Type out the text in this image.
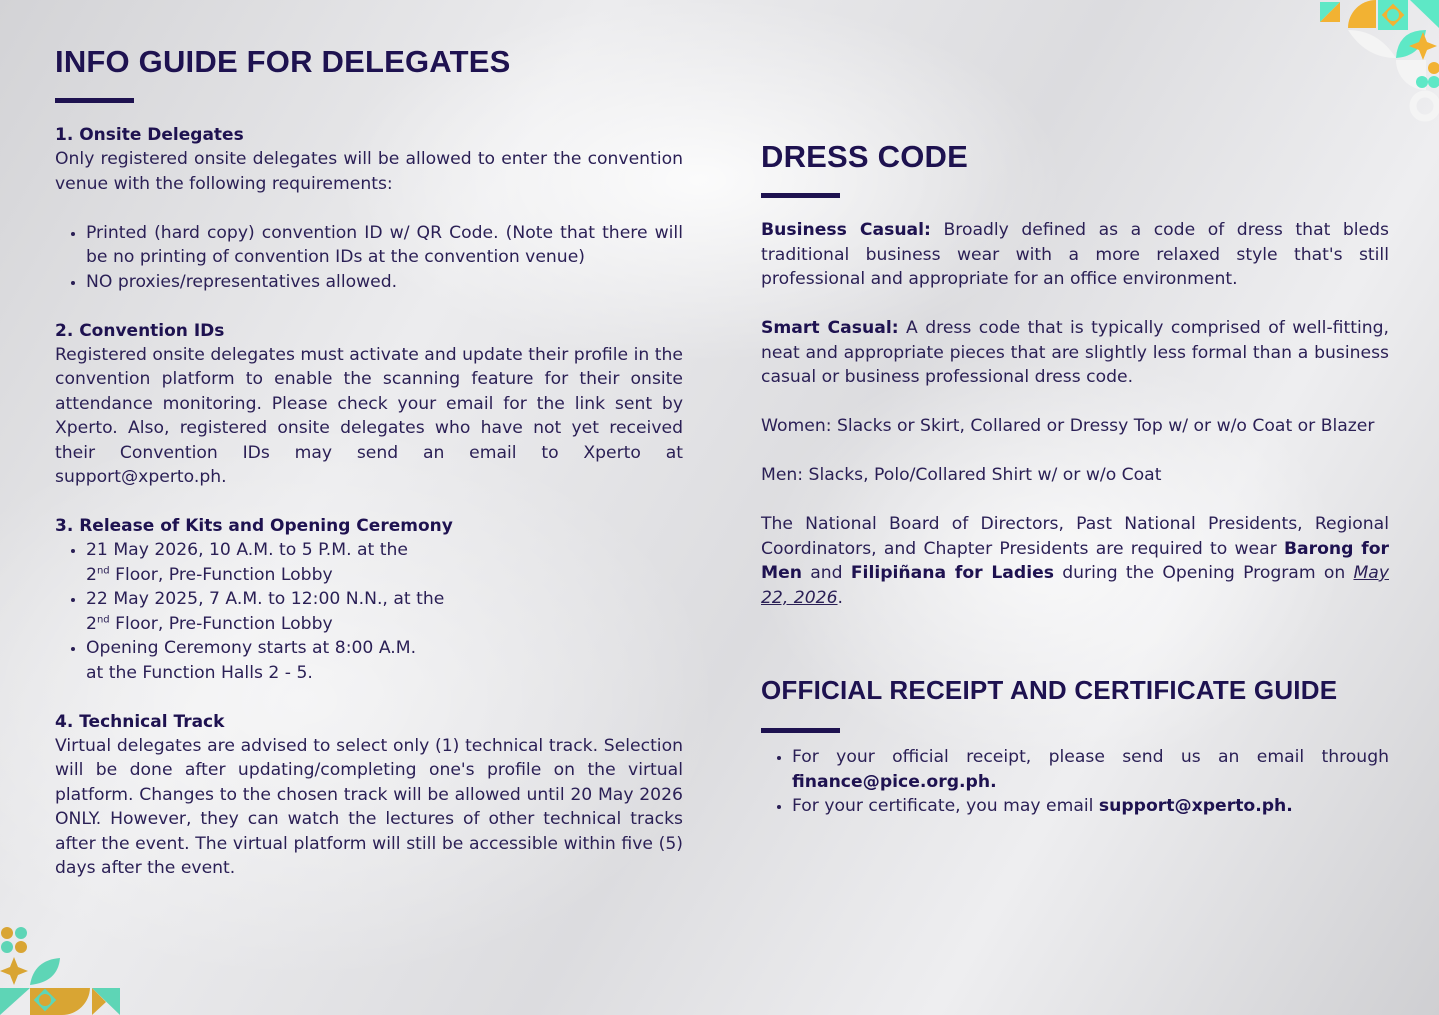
INFO GUIDE FOR DELEGATES
1. Onsite Delegates

Only registered onsite delegates will be allowed to enter the convention venue with the following requirements:

• Printed (hard copy) convention ID w/ QR Code. (Note that there will be no printing of convention IDs at the convention venue)
• NO proxies/representatives allowed.
2. Convention IDs

Registered onsite delegates must activate and update their profile in the convention platform to enable the scanning feature for their onsite attendance monitoring. Please check your email for the link sent by Xperto. Also, registered onsite delegates who have not yet received their Convention IDs may send an email to Xperto at support@xperto.ph.

3. Release of Kits and Opening Ceremony
• 21 May 2026, 10 A.M. to 5 P.M. at the
2nd Floor, Pre-Function Lobby
• 22 May 2025, 7 A.M. to 12:00 N.N., at the
2nd Floor, Pre-Function Lobby
• Opening Ceremony starts at 8:00 A.M.
at the Function Halls 2 - 5.
4. Technical Track

Virtual delegates are advised to select only (1) technical track. Selection will be done after updating/completing one's profile on the virtual platform. Changes to the chosen track will be allowed until 20 May 2026 ONLY. However, they can watch the lectures of other technical tracks after the event. The virtual platform will still be accessible within five (5) days after the event.

DRESS CODE

Business Casual: Broadly defined as a code of dress that bleds traditional business wear with a more relaxed style that's still professional and appropriate for an office environment.

Smart Casual: A dress code that is typically comprised of well-fitting, neat and appropriate pieces that are slightly less formal than a business casual or business professional dress code.

Women: Slacks or Skirt, Collared or Dressy Top w/ or w/o Coat or Blazer

Men: Slacks, Polo/Collared Shirt w/ or w/o Coat

The National Board of Directors, Past National Presidents, Regional Coordinators, and Chapter Presidents are required to wear Barong for Men and Filipiñana for Ladies during the Opening Program on May 22, 2026.

OFFICIAL RECEIPT AND CERTIFICATE GUIDE
• For your official receipt, please send us an email through finance@pice.org.ph.
• For your certificate, you may email support@xperto.ph.
